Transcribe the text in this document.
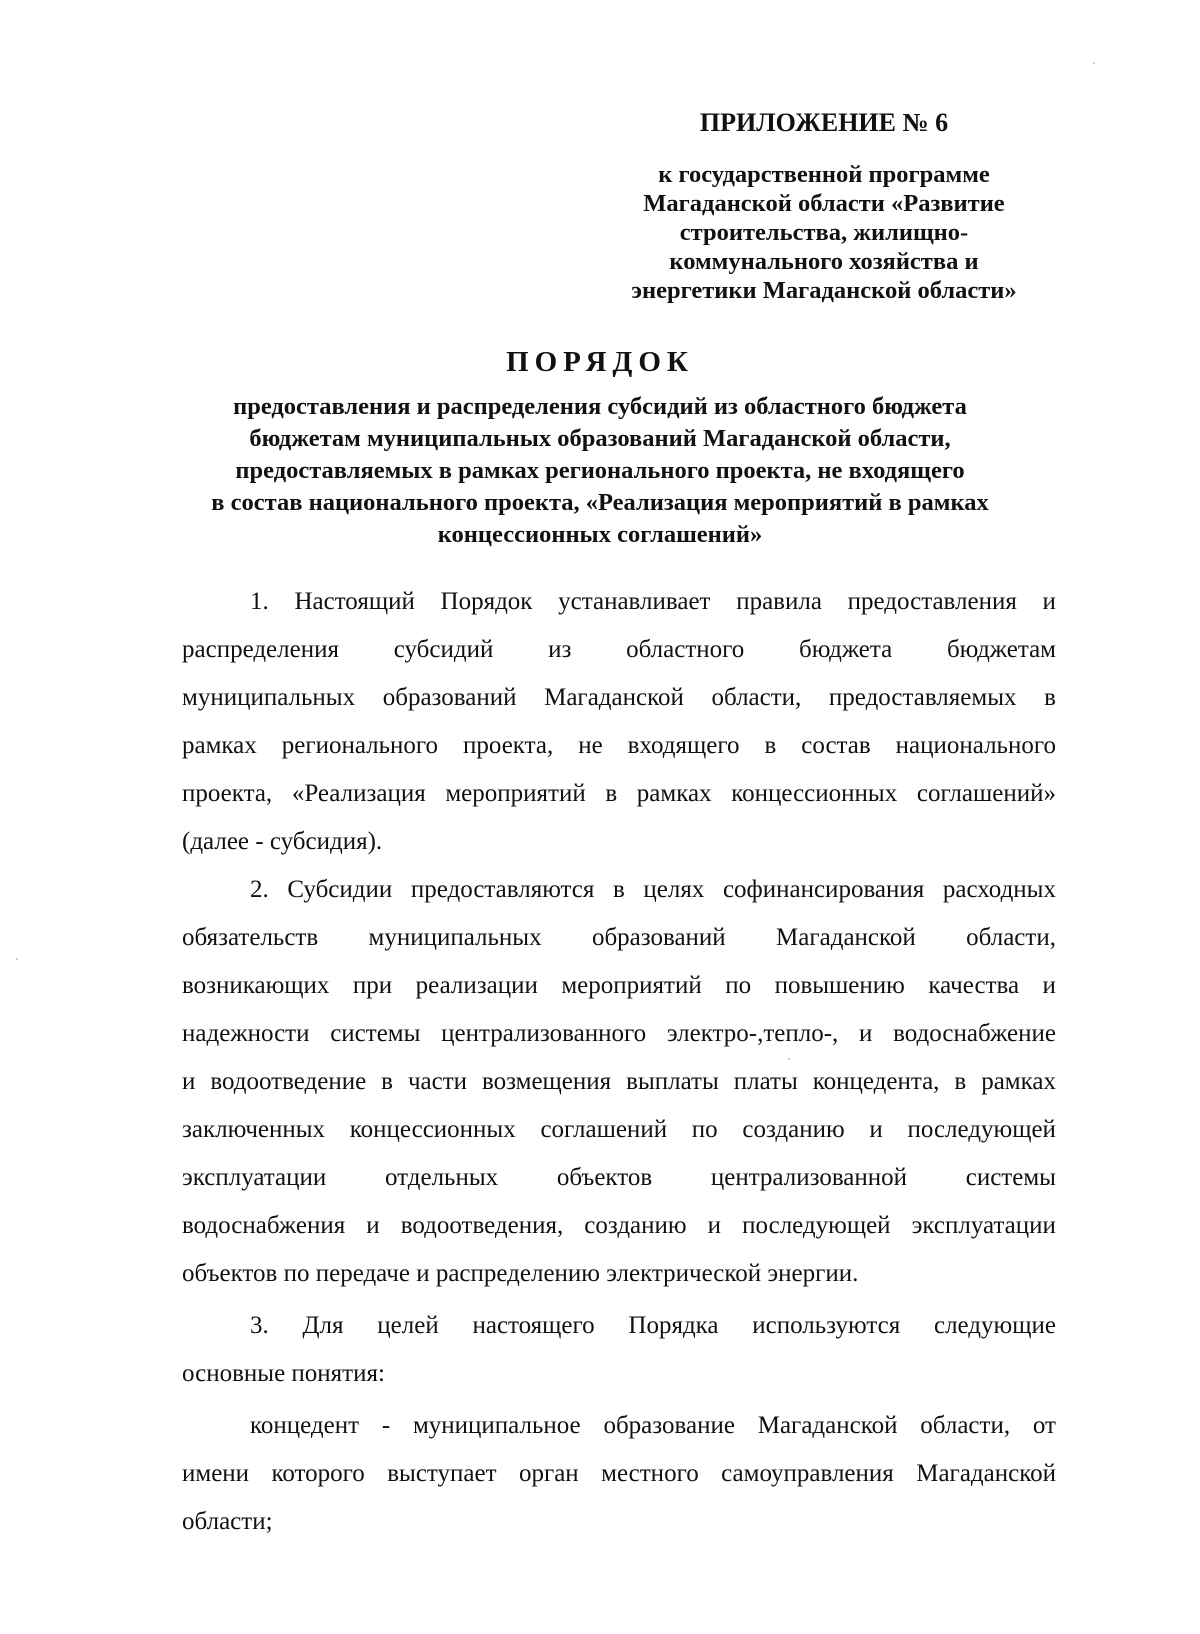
ПРИЛОЖЕНИЕ № 6
к государственной программе
Магаданской области «Развитие
строительства, жилищно-
коммунального хозяйства и
энергетики Магаданской области»
ПОРЯДОК
предоставления и распределения субсидий из областного бюджета
бюджетам муниципальных образований Магаданской области,
предоставляемых в рамках регионального проекта, не входящего
в состав национального проекта, «Реализация мероприятий в рамках
концессионных соглашений»
1. Настоящий Порядок устанавливает правила предоставления и
распределения субсидий из областного бюджета бюджетам
муниципальных образований Магаданской области, предоставляемых в
рамках регионального проекта, не входящего в состав национального
проекта, «Реализация мероприятий в рамках концессионных соглашений»
(далее - субсидия).
2. Субсидии предоставляются в целях софинансирования расходных
обязательств муниципальных образований Магаданской области,
возникающих при реализации мероприятий по повышению качества и
надежности системы централизованного электро-,тепло-, и водоснабжение
и водоотведение в части возмещения выплаты платы концедента, в рамках
заключенных концессионных соглашений по созданию и последующей
эксплуатации отдельных объектов централизованной системы
водоснабжения и водоотведения, созданию и последующей эксплуатации
объектов по передаче и распределению электрической энергии.
3. Для целей настоящего Порядка используются следующие
основные понятия:
концедент - муниципальное образование Магаданской области, от
имени которого выступает орган местного самоуправления Магаданской
области;
